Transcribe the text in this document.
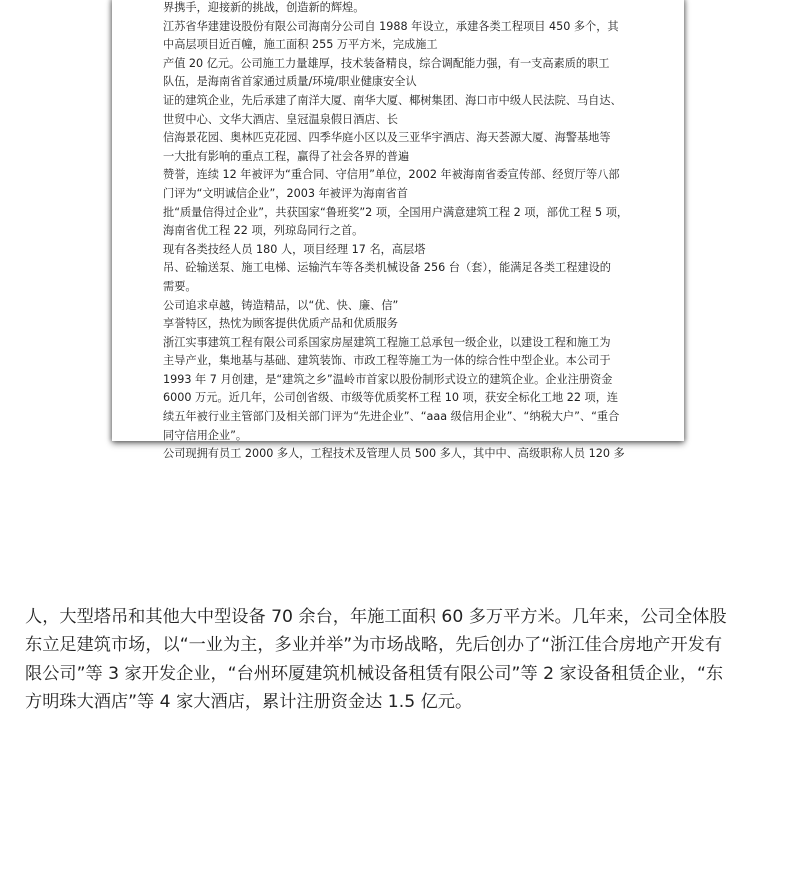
界携手，迎接新的挑战，创造新的辉煌。
江苏省华建建设股份有限公司海南分公司自 1988 年设立，承建各类工程项目 450 多个，其
中高层项目近百幢，施工面积 255 万平方米，完成施工
产值 20 亿元。公司施工力量雄厚，技术装备精良，综合调配能力强，有一支高素质的职工
队伍，是海南省首家通过质量/环境/职业健康安全认
证的建筑企业，先后承建了南洋大厦、南华大厦、椰树集团、海口市中级人民法院、马自达、
世贸中心、文华大酒店、皇冠温泉假日酒店、长
信海景花园、奥林匹克花园、四季华庭小区以及三亚华宇酒店、海天荟源大厦、海警基地等
一大批有影响的重点工程，赢得了社会各界的普遍
赞誉，连续 12 年被评为“重合同、守信用”单位，2002 年被海南省委宣传部、经贸厅等八部
门评为“文明诚信企业”，2003 年被评为海南省首
批“质量信得过企业”，共获国家“鲁班奖”2 项，全国用户满意建筑工程 2 项，部优工程 5 项，
海南省优工程 22 项，列琼岛同行之首。
现有各类技经人员 180 人，项目经理 17 名，高层塔
吊、砼输送泵、施工电梯、运输汽车等各类机械设备 256 台（套），能满足各类工程建设的
需要。
公司追求卓越，铸造精品，以“优、快、廉、信”
享誉特区，热忱为顾客提供优质产品和优质服务
浙江实事建筑工程有限公司系国家房屋建筑工程施工总承包一级企业，以建设工程和施工为
主导产业，集地基与基础、建筑装饰、市政工程等施工为一体的综合性中型企业。本公司于
1993 年 7 月创建，是“建筑之乡”温岭市首家以股份制形式设立的建筑企业。企业注册资金
6000 万元。近几年，公司创省级、市级等优质奖杯工程 10 项，获安全标化工地 22 项，连
续五年被行业主管部门及相关部门评为“先进企业”、“aaa 级信用企业”、“纳税大户”、“重合
同守信用企业”。
公司现拥有员工 2000 多人，工程技术及管理人员 500 多人，其中中、高级职称人员 120 多
人，大型塔吊和其他大中型设备 70 余台，年施工面积 60 多万平方米。几年来，公司全体股
东立足建筑市场，以“一业为主，多业并举”为市场战略，先后创办了“浙江佳合房地产开发有
限公司”等 3 家开发企业，“台州环厦建筑机械设备租赁有限公司”等 2 家设备租赁企业，“东
方明珠大酒店”等 4 家大酒店，累计注册资金达 1.5 亿元。
